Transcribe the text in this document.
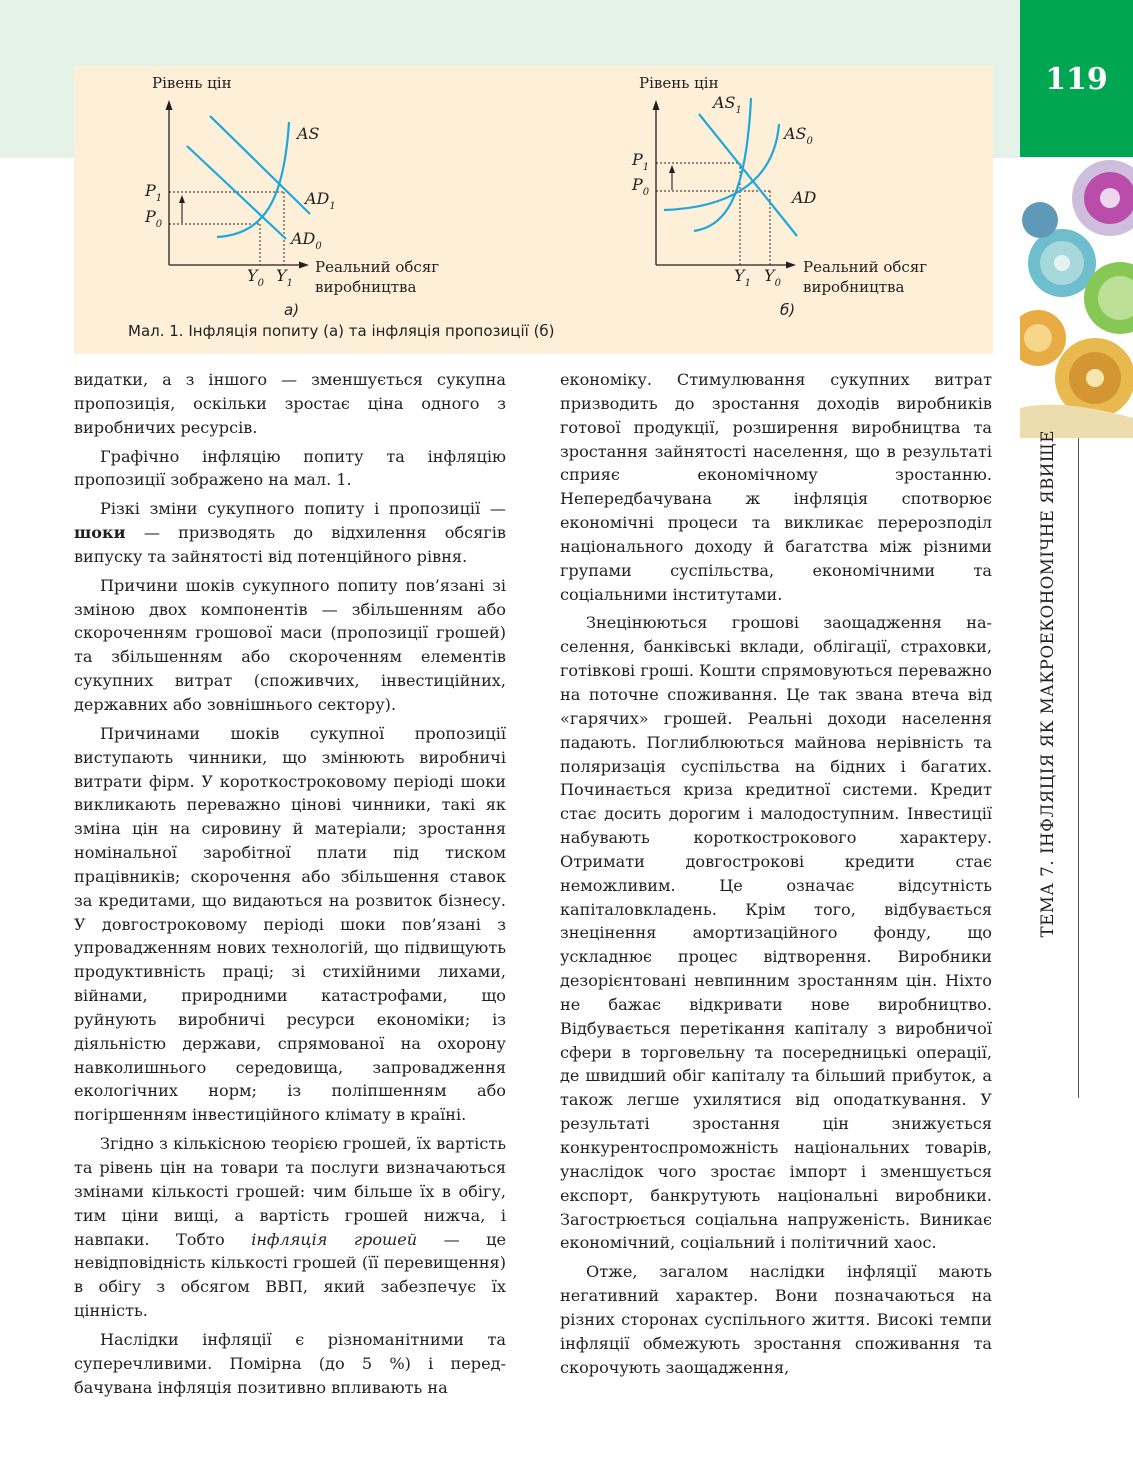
119
ТЕМА 7. ІНФЛЯЦІЯ ЯК МАКРОЕКОНОМІЧНЕ ЯВИЩЕ
AS
$AD_1$
$AD_0$
$P_1$
$P_0$
$Y_0$ $Y_1$
Рівень цін
Реальний обсяг
виробництва
а)
$AS_1$
$AS_0$
AD
$P_1$
$P_0$
$Y_1$ $Y_0$
Рівень цін
Реальний обсяг
виробництва
б)
Мал. 1. Інфляція попиту (а) та інфляція пропозиції (б)

видатки, а з іншого — зменшується сукупна пропозиція, оскільки зростає ціна одного з виробничих ресурсів.

Графічно інфляцію попиту та інфляцію пропозиції зображено на мал. 1.

Різкі зміни сукупного попиту і пропозиції — шоки — призводять до відхилення обсягів випуску та зайнятості від потенційного рівня.

Причини шоків сукупного попиту пов’язані зі зміною двох компонентів — збільшенням або скороченням грошової маси (пропозиції грошей) та збільшенням або скороченням елементів сукупних витрат (споживчих, інвестиційних, державних або зовнішнього сектору).

Причинами шоків сукупної пропозиції виступають чинники, що змінюють виробничі витрати фірм. У короткостроковому періоді шоки викликають переважно цінові чинники, такі як зміна цін на сировину й матеріали; зростання номінальної заробітної плати під тиском працівників; скорочення або збільшення ставок за кредитами, що видаються на розвиток бізнесу. У довгостроковому періоді шоки пов’язані з упровадженням нових технологій, що підвищують продуктивність праці; зі стихійними лихами, війнами, природними катастрофами, що руйнують виробничі ресурси економіки; із діяльністю держави, спрямованої на охорону навколишнього середовища, запровадження екологічних норм; із поліпшенням або погіршенням інвестиційного клімату в країні.

Згідно з кількісною теорією грошей, їх вартість та рівень цін на товари та послуги визначаються змінами кількості грошей: чим більше їх в обігу, тим ціни вищі, а вартість грошей нижча, і навпаки. Тобто інфляція грошей — це невідповідність кількості грошей (її перевищення) в обігу з обсягом ВВП, який забезпечує їх цінність.

Наслідки інфляції є різноманітними та суперечливими. Помірна (до 5 %) і передбачувана інфляція позитивно впливають на

економіку. Стимулювання сукупних витрат призводить до зростання доходів виробників готової продукції, розширення виробництва та зростання зайнятості населення, що в результаті сприяє економічному зростанню. Непередбачувана ж інфляція спотворює економічні процеси та викликає перерозподіл національного доходу й багатства між різними групами суспільства, економічними та соціальними інститутами.

Знецінюються грошові заощадження населення, банківські вклади, облігації, страховки, готівкові гроші. Кошти спрямовуються переважно на поточне споживання. Це так звана втеча від «гарячих» грошей. Реальні доходи населення падають. Поглиблюються майнова нерівність та поляризація суспільства на бідних і багатих. Починається криза кредитної системи. Кредит стає досить дорогим і малодоступним. Інвестиції набувають короткострокового характеру. Отримати довгострокові кредити стає неможливим. Це означає відсутність капіталовкладень. Крім того, відбувається знецінення амортизаційного фонду, що ускладнює процес відтворення. Виробники дезорієнтовані невпинним зростанням цін. Ніхто не бажає відкривати нове виробництво. Відбувається перетікання капіталу з виробничої сфери в торговельну та посередницькі операції, де швидший обіг капіталу та більший прибуток, а також легше ухилятися від оподаткування. У результаті зростання цін знижується конкурентоспроможність національних товарів, унаслідок чого зростає імпорт і зменшується експорт, банкрутують національні виробники. Загострюється соціальна напруженість. Виникає економічний, соціальний і політичний хаос.

Отже, загалом наслідки інфляції мають негативний характер. Вони позначаються на різних сторонах суспільного життя. Високі темпи інфляції обмежують зростання споживання та скорочують заощадження,
